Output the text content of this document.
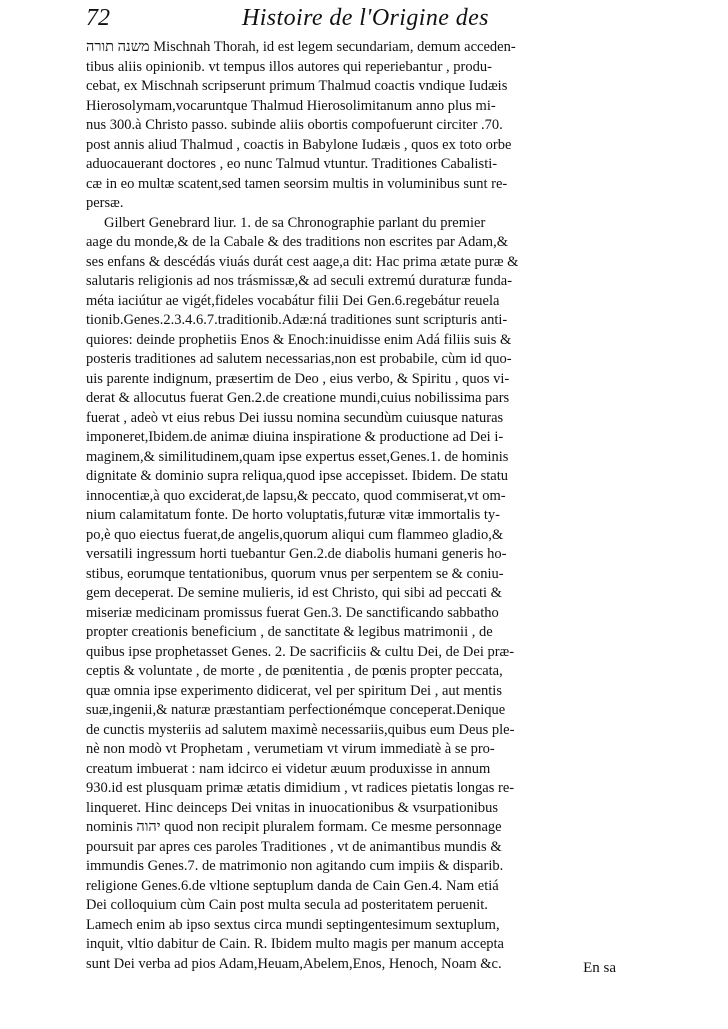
72	Histoire de l'Origine des
„ משנה תורה Mischnah Thorah, id est legem secundariam, demum acceden-
„ tibus aliis opinionib. vt tempus illos autores qui reperiebantur , produ-
„ cebat, ex Mischnah scripserunt primum Thalmud coactis vndique Iudæis
„ Hierosolymam,vocaruntque Thalmud Hierosolimitanum anno plus mi-
„ nus 300.à Christo passo. subinde aliis obortis compofuerunt circiter .70.
„ post annis aliud Thalmud , coactis in Babylone Iudæis , quos ex toto orbe
„ aduocauerant doctores , eo nunc Talmud vtuntur. Traditiones Cabalisti-
„ cæ in eo multæ scatent,sed tamen seorsim multis in voluminibus sunt re-
„ persæ.
Gilbert Genebrard liur. 1. de sa Chronographie parlant du premier
aage du monde,& de la Cabale & des traditions non escrites par Adam,&
ses enfans & descédás viuás durát cest aage,a dit: Hac prima ætate puræ &
„ salutaris religionis ad nos trásmissæ,& ad seculi extremú duraturæ funda-
„ méta iaciútur ae vigét,fideles vocabátur filii Dei Gen.6.regebátur reuela
„ tionib.Genes.2.3.4.6.7.traditionib.Adæ:ná traditiones sunt scripturis anti-
„ quiores: deinde prophetiis Enos & Enoch:inuidisse enim Adá filiis suis &
„ posteris traditiones ad salutem necessarias,non est probabile, cùm id quo-
„ uis parente indignum, præsertim de Deo , eius verbo, & Spiritu , quos vi-
„ derat & allocutus fuerat Gen.2.de creatione mundi,cuius nobilissima pars
„ fuerat , adeò vt eius rebus Dei iussu nomina secundùm cuiusque naturas
„ imponeret,Ibidem.de animæ diuina inspiratione & productione ad Dei i-
„ maginem,& similitudinem,quam ipse expertus esset,Genes.1. de hominis
„ dignitate & dominio supra reliqua,quod ipse accepisset. Ibidem. De statu
„ innocentiæ,à quo exciderat,de lapsu,& peccato, quod commiserat,vt om-
„ nium calamitatum fonte. De horto voluptatis,futuræ vitæ immortalis ty-
„ po,è quo eiectus fuerat,de angelis,quorum aliqui cum flammeo gladio,&
„ versatili ingressum horti tuebantur Gen.2.de diabolis humani generis ho-
„ stibus, eorumque tentationibus, quorum vnus per serpentem se & coniu-
„ gem deceperat. De semine mulieris, id est Christo, qui sibi ad peccati &
„ miseriæ medicinam promissus fuerat Gen.3. De sanctificando sabbatho
„ propter creationis beneficium , de sanctitate & legibus matrimonii , de
„ quibus ipse prophetasset Genes. 2. De sacrificiis & cultu Dei, de Dei præ-
„ ceptis & voluntate , de morte , de pœnitentia , de pœnis propter peccata,
„ quæ omnia ipse experimento didicerat, vel per spiritum Dei , aut mentis
„ suæ,ingenii,& naturæ præstantiam perfectionémque conceperat.Denique
„ de cunctis mysteriis ad salutem maximè necessariis,quibus eum Deus ple-
„ nè non modò vt Prophetam , verumetiam vt virum immediatè à se pro-
„ creatum imbuerat : nam idcirco ei videtur æuum produxisse in annum
„ 930.id est plusquam primæ ætatis dimidium , vt radices pietatis longas re-
„ linqueret. Hinc deinceps Dei vnitas in inuocationibus & vsurpationibus
„ nominis יהוה quod non recipit pluralem formam. Ce mesme personnage
poursuit par apres ces paroles Traditiones , vt de animantibus mundis &
„ immundis Genes.7. de matrimonio non agitando cum impiis & disparib.
„ religione Genes.6.de vltione septuplum danda de Cain Gen.4. Nam etiá
„ Dei colloquium cùm Cain post multa secula ad posteritatem peruenit.
„ Lamech enim ab ipso sextus circa mundi septingentesimum sextuplum,
„ inquit, vltio dabitur de Cain. R. Ibidem multo magis per manum accepta
„ sunt Dei verba ad pios Adam,Heuam,Abelem,Enos, Henoch, Noam &c.	En sa
